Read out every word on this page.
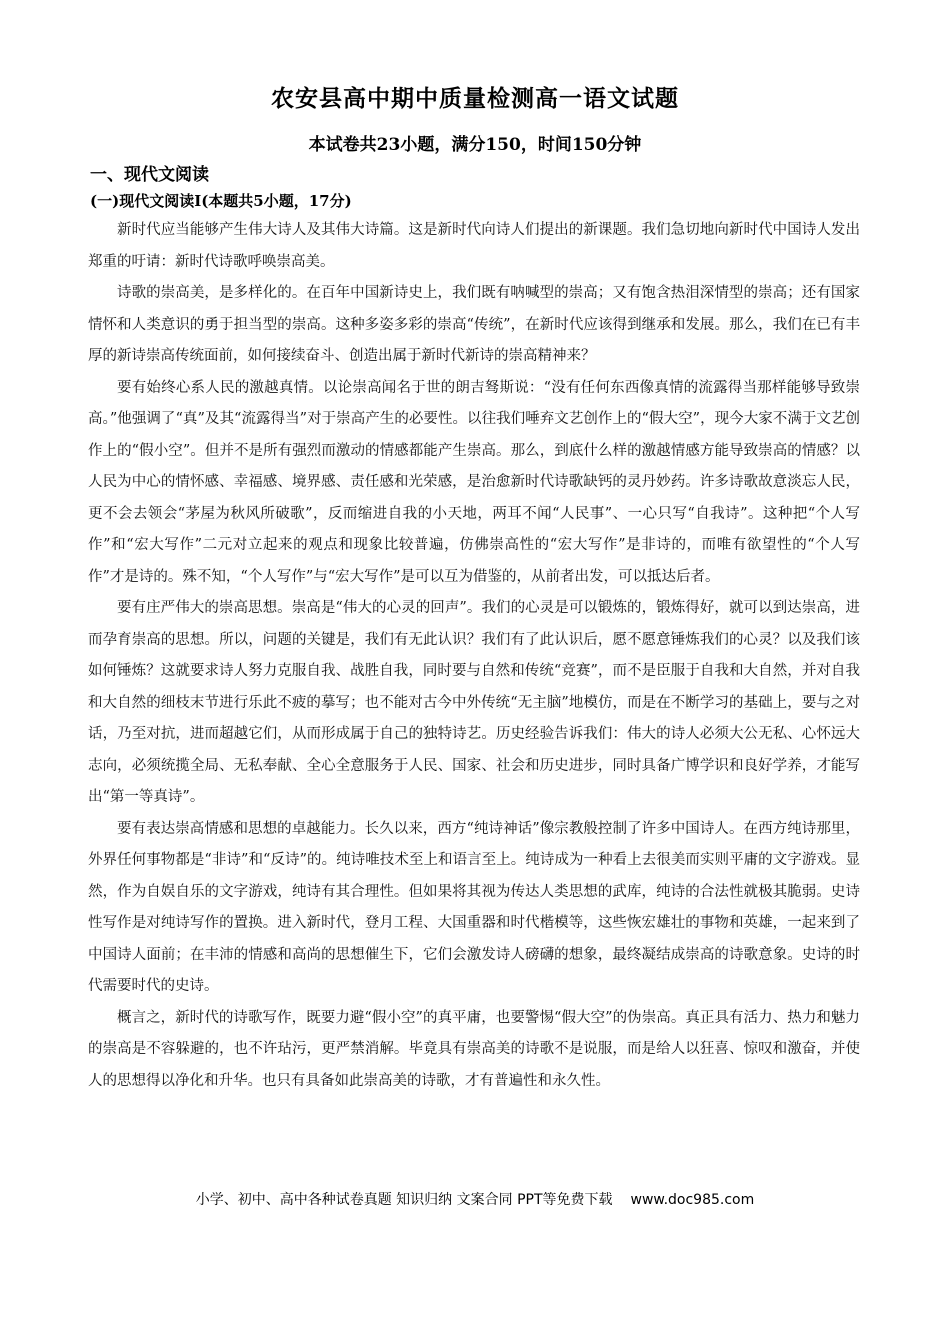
农安县高中期中质量检测高一语文试题
本试卷共23小题，满分150，时间150分钟
一、现代文阅读
(一)现代文阅读Ⅰ(本题共5小题，17分)

新时代应当能够产生伟大诗人及其伟大诗篇。这是新时代向诗人们提出的新课题。我们急切地向新时代中国诗人发出郑重的吁请：新时代诗歌呼唤崇高美。

诗歌的崇高美，是多样化的。在百年中国新诗史上，我们既有呐喊型的崇高；又有饱含热泪深情型的崇高；还有国家情怀和人类意识的勇于担当型的崇高。这种多姿多彩的崇高“传统”，在新时代应该得到继承和发展。那么，我们在已有丰厚的新诗崇高传统面前，如何接续奋斗、创造出属于新时代新诗的崇高精神来？

要有始终心系人民的激越真情。以论崇高闻名于世的朗吉驽斯说：“没有任何东西像真情的流露得当那样能够导致崇高。”他强调了“真”及其“流露得当”对于崇高产生的必要性。以往我们唾弃文艺创作上的“假大空”，现今大家不满于文艺创作上的“假小空”。但并不是所有强烈而激动的情感都能产生崇高。那么，到底什么样的激越情感方能导致崇高的情感？以人民为中心的情怀感、幸福感、境界感、责任感和光荣感，是治愈新时代诗歌缺钙的灵丹妙药。许多诗歌故意淡忘人民，更不会去领会“茅屋为秋风所破歌”，反而缩进自我的小天地，两耳不闻“人民事”、一心只写“自我诗”。这种把“个人写作”和“宏大写作”二元对立起来的观点和现象比较普遍，仿佛崇高性的“宏大写作”是非诗的，而唯有欲望性的“个人写作”才是诗的。殊不知，“个人写作”与“宏大写作”是可以互为借鉴的，从前者出发，可以抵达后者。

要有庄严伟大的崇高思想。崇高是“伟大的心灵的回声”。我们的心灵是可以锻炼的，锻炼得好，就可以到达崇高，进而孕育崇高的思想。所以，问题的关键是，我们有无此认识？我们有了此认识后，愿不愿意锤炼我们的心灵？以及我们该如何锤炼？这就要求诗人努力克服自我、战胜自我，同时要与自然和传统“竞赛”，而不是臣服于自我和大自然，并对自我和大自然的细枝末节进行乐此不疲的摹写；也不能对古今中外传统“无主脑”地模仿，而是在不断学习的基础上，要与之对话，乃至对抗，进而超越它们，从而形成属于自己的独特诗艺。历史经验告诉我们：伟大的诗人必须大公无私、心怀远大志向，必须统揽全局、无私奉献、全心全意服务于人民、国家、社会和历史进步，同时具备广博学识和良好学养，才能写出“第一等真诗”。

要有表达崇高情感和思想的卓越能力。长久以来，西方“纯诗神话”像宗教般控制了许多中国诗人。在西方纯诗那里，外界任何事物都是“非诗”和“反诗”的。纯诗唯技术至上和语言至上。纯诗成为一种看上去很美而实则平庸的文字游戏。显然，作为自娱自乐的文字游戏，纯诗有其合理性。但如果将其视为传达人类思想的武库，纯诗的合法性就极其脆弱。史诗性写作是对纯诗写作的置换。进入新时代，登月工程、大国重器和时代楷模等，这些恢宏雄壮的事物和英雄，一起来到了中国诗人面前；在丰沛的情感和高尚的思想催生下，它们会激发诗人磅礴的想象，最终凝结成崇高的诗歌意象。史诗的时代需要时代的史诗。

概言之，新时代的诗歌写作，既要力避“假小空”的真平庸，也要警惕“假大空”的伪崇高。真正具有活力、热力和魅力的崇高是不容躲避的，也不许玷污，更严禁消解。毕竟具有崇高美的诗歌不是说服，而是给人以狂喜、惊叹和激奋，并使人的思想得以净化和升华。也只有具备如此崇高美的诗歌，才有普遍性和永久性。

小学、初中、高中各种试卷真题 知识归纳 文案合同 PPT等免费下载 www.doc985.com
